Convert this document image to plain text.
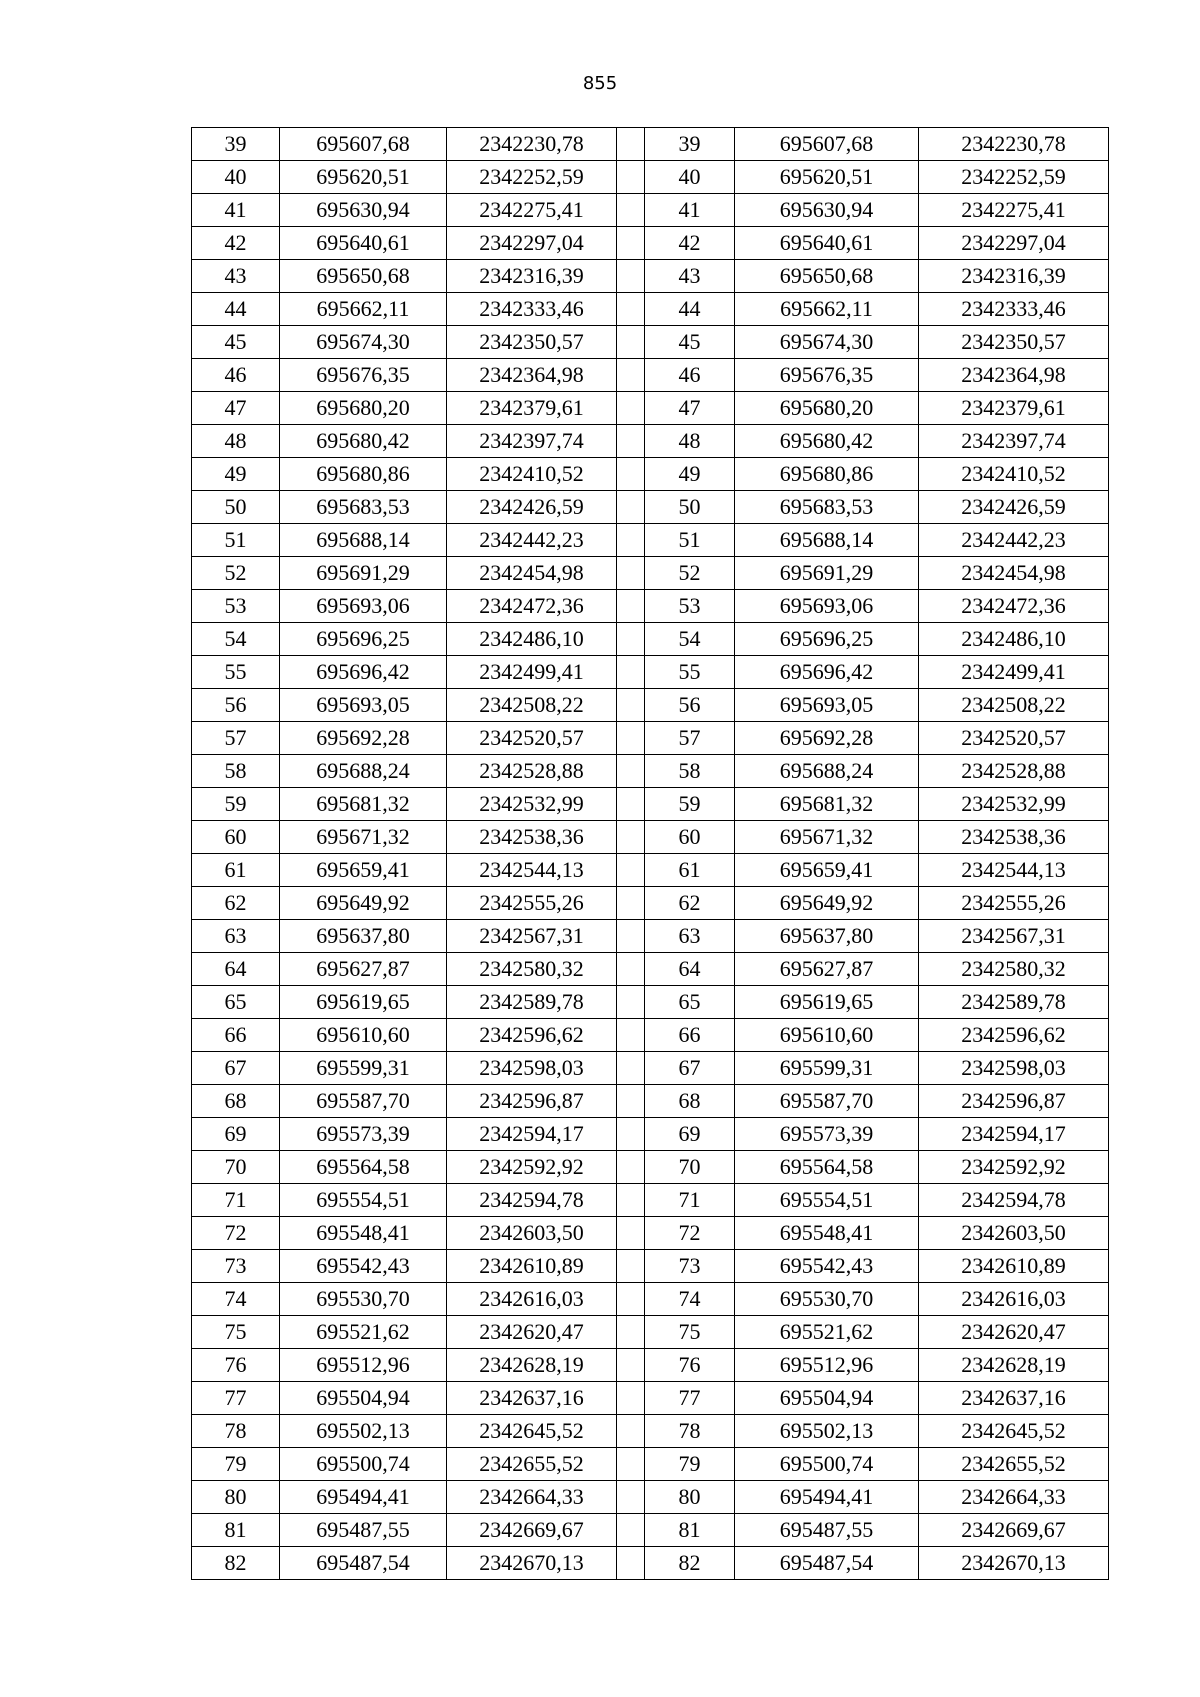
855
39	695607,68	2342230,78		39	695607,68	2342230,78
40	695620,51	2342252,59		40	695620,51	2342252,59
41	695630,94	2342275,41		41	695630,94	2342275,41
42	695640,61	2342297,04		42	695640,61	2342297,04
43	695650,68	2342316,39		43	695650,68	2342316,39
44	695662,11	2342333,46		44	695662,11	2342333,46
45	695674,30	2342350,57		45	695674,30	2342350,57
46	695676,35	2342364,98		46	695676,35	2342364,98
47	695680,20	2342379,61		47	695680,20	2342379,61
48	695680,42	2342397,74		48	695680,42	2342397,74
49	695680,86	2342410,52		49	695680,86	2342410,52
50	695683,53	2342426,59		50	695683,53	2342426,59
51	695688,14	2342442,23		51	695688,14	2342442,23
52	695691,29	2342454,98		52	695691,29	2342454,98
53	695693,06	2342472,36		53	695693,06	2342472,36
54	695696,25	2342486,10		54	695696,25	2342486,10
55	695696,42	2342499,41		55	695696,42	2342499,41
56	695693,05	2342508,22		56	695693,05	2342508,22
57	695692,28	2342520,57		57	695692,28	2342520,57
58	695688,24	2342528,88		58	695688,24	2342528,88
59	695681,32	2342532,99		59	695681,32	2342532,99
60	695671,32	2342538,36		60	695671,32	2342538,36
61	695659,41	2342544,13		61	695659,41	2342544,13
62	695649,92	2342555,26		62	695649,92	2342555,26
63	695637,80	2342567,31		63	695637,80	2342567,31
64	695627,87	2342580,32		64	695627,87	2342580,32
65	695619,65	2342589,78		65	695619,65	2342589,78
66	695610,60	2342596,62		66	695610,60	2342596,62
67	695599,31	2342598,03		67	695599,31	2342598,03
68	695587,70	2342596,87		68	695587,70	2342596,87
69	695573,39	2342594,17		69	695573,39	2342594,17
70	695564,58	2342592,92		70	695564,58	2342592,92
71	695554,51	2342594,78		71	695554,51	2342594,78
72	695548,41	2342603,50		72	695548,41	2342603,50
73	695542,43	2342610,89		73	695542,43	2342610,89
74	695530,70	2342616,03		74	695530,70	2342616,03
75	695521,62	2342620,47		75	695521,62	2342620,47
76	695512,96	2342628,19		76	695512,96	2342628,19
77	695504,94	2342637,16		77	695504,94	2342637,16
78	695502,13	2342645,52		78	695502,13	2342645,52
79	695500,74	2342655,52		79	695500,74	2342655,52
80	695494,41	2342664,33		80	695494,41	2342664,33
81	695487,55	2342669,67		81	695487,55	2342669,67
82	695487,54	2342670,13		82	695487,54	2342670,13
